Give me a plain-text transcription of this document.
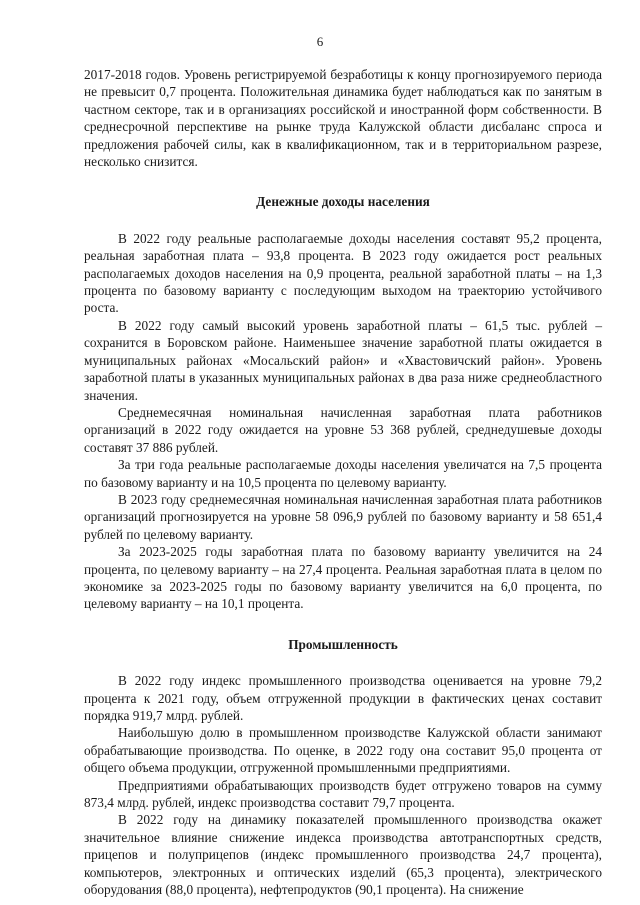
6

2017-2018 годов. Уровень регистрируемой безработицы к концу прогнозируемого периода не превысит 0,7 процента. Положительная динамика будет наблюдаться как по занятым в частном секторе, так и в организациях российской и иностранной форм собственности. В среднесрочной перспективе на рынке труда Калужской области дисбаланс спроса и предложения рабочей силы, как в квалификационном, так и в территориальном разрезе, несколько снизится.

Денежные доходы населения

В 2022 году реальные располагаемые доходы населения составят 95,2 процента, реальная заработная плата – 93,8 процента. В 2023 году ожидается рост реальных располагаемых доходов населения на 0,9 процента, реальной заработной платы – на 1,3 процента по базовому варианту с последующим выходом на траекторию устойчивого роста.

В 2022 году самый высокий уровень заработной платы – 61,5 тыс. рублей – сохранится в Боровском районе. Наименьшее значение заработной платы ожидается в муниципальных районах «Мосальский район» и «Хвастовичский район». Уровень заработной платы в указанных муниципальных районах в два раза ниже среднеобластного значения.

Среднемесячная номинальная начисленная заработная плата работников организаций в 2022 году ожидается на уровне 53 368 рублей, среднедушевые доходы составят 37 886 рублей.

За три года реальные располагаемые доходы населения увеличатся на 7,5 процента по базовому варианту и на 10,5 процента по целевому варианту.

В 2023 году среднемесячная номинальная начисленная заработная плата работников организаций прогнозируется на уровне 58 096,9 рублей по базовому варианту и 58 651,4 рублей по целевому варианту.

За 2023-2025 годы заработная плата по базовому варианту увеличится на 24 процента, по целевому варианту – на 27,4 процента. Реальная заработная плата в целом по экономике за 2023-2025 годы по базовому варианту увеличится на 6,0 процента, по целевому варианту – на 10,1 процента.

Промышленность

В 2022 году индекс промышленного производства оценивается на уровне 79,2 процента к 2021 году, объем отгруженной продукции в фактических ценах составит порядка 919,7 млрд. рублей.

Наибольшую долю в промышленном производстве Калужской области занимают обрабатывающие производства. По оценке, в 2022 году она составит 95,0 процента от общего объема продукции, отгруженной промышленными предприятиями.

Предприятиями обрабатывающих производств будет отгружено товаров на сумму 873,4 млрд. рублей, индекс производства составит 79,7 процента.

В 2022 году на динамику показателей промышленного производства окажет значительное влияние снижение индекса производства автотранспортных средств, прицепов и полуприцепов (индекс промышленного производства 24,7 процента), компьютеров, электронных и оптических изделий (65,3 процента), электрического оборудования (88,0 процента), нефтепродуктов (90,1 процента). На снижение
